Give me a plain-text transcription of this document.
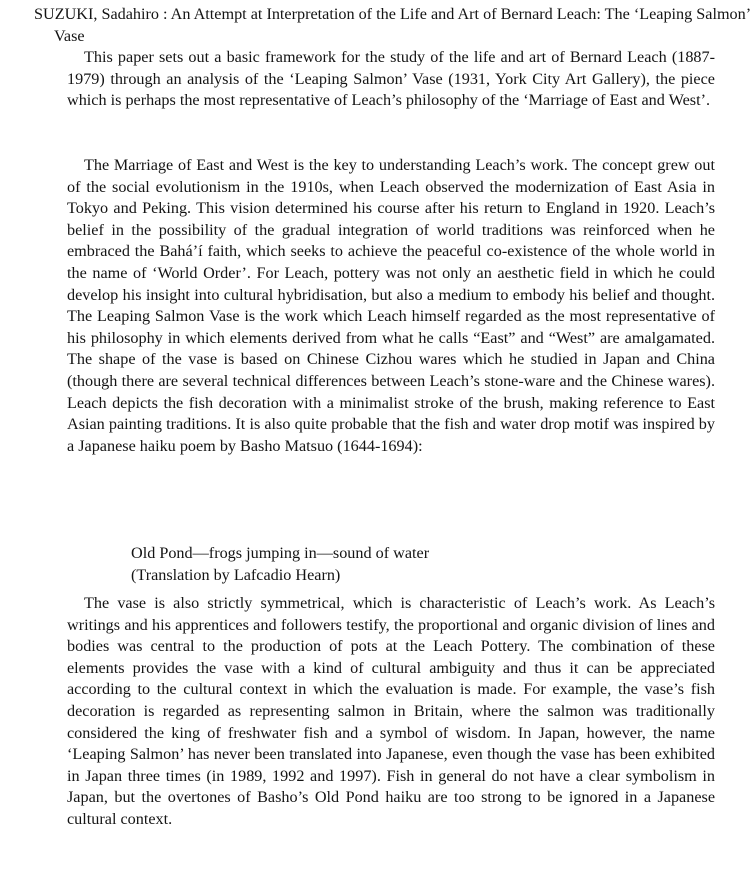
SUZUKI, Sadahiro : An Attempt at Interpretation of the Life and Art of Bernard Leach: The ‘Leaping Salmon’ Vase

This paper sets out a basic framework for the study of the life and art of Bernard Leach (1887-1979) through an analysis of the ‘Leaping Salmon’ Vase (1931, York City Art Gallery), the piece which is perhaps the most representative of Leach’s philosophy of the ‘Marriage of East and West’.

The Marriage of East and West is the key to understanding Leach’s work. The concept grew out of the social evolutionism in the 1910s, when Leach observed the modernization of East Asia in Tokyo and Peking. This vision determined his course after his return to England in 1920. Leach’s belief in the possibility of the gradual integration of world traditions was reinforced when he embraced the Bahá’í faith, which seeks to achieve the peaceful co-existence of the whole world in the name of ‘World Order’. For Leach, pottery was not only an aesthetic field in which he could develop his insight into cultural hybridisation, but also a medium to embody his belief and thought. The Leaping Salmon Vase is the work which Leach himself regarded as the most representative of his philosophy in which elements derived from what he calls “East” and “West” are amalgamated. The shape of the vase is based on Chinese Cizhou wares which he studied in Japan and China (though there are several technical differences between Leach’s stone-ware and the Chinese wares). Leach depicts the fish decoration with a minimalist stroke of the brush, making reference to East Asian painting traditions. It is also quite probable that the fish and water drop motif was inspired by a Japanese haiku poem by Basho Matsuo (1644-1694):

Old Pond—frogs jumping in—sound of water
(Translation by Lafcadio Hearn)

The vase is also strictly symmetrical, which is characteristic of Leach’s work. As Leach’s writings and his apprentices and followers testify, the proportional and organic division of lines and bodies was central to the production of pots at the Leach Pottery. The combination of these elements provides the vase with a kind of cultural ambiguity and thus it can be appreciated according to the cultural context in which the evaluation is made. For example, the vase’s fish decoration is regarded as representing salmon in Britain, where the salmon was traditionally considered the king of freshwater fish and a symbol of wisdom. In Japan, however, the name ‘Leaping Salmon’ has never been translated into Japanese, even though the vase has been exhibited in Japan three times (in 1989, 1992 and 1997). Fish in general do not have a clear symbolism in Japan, but the overtones of Basho’s Old Pond haiku are too strong to be ignored in a Japanese cultural context.
